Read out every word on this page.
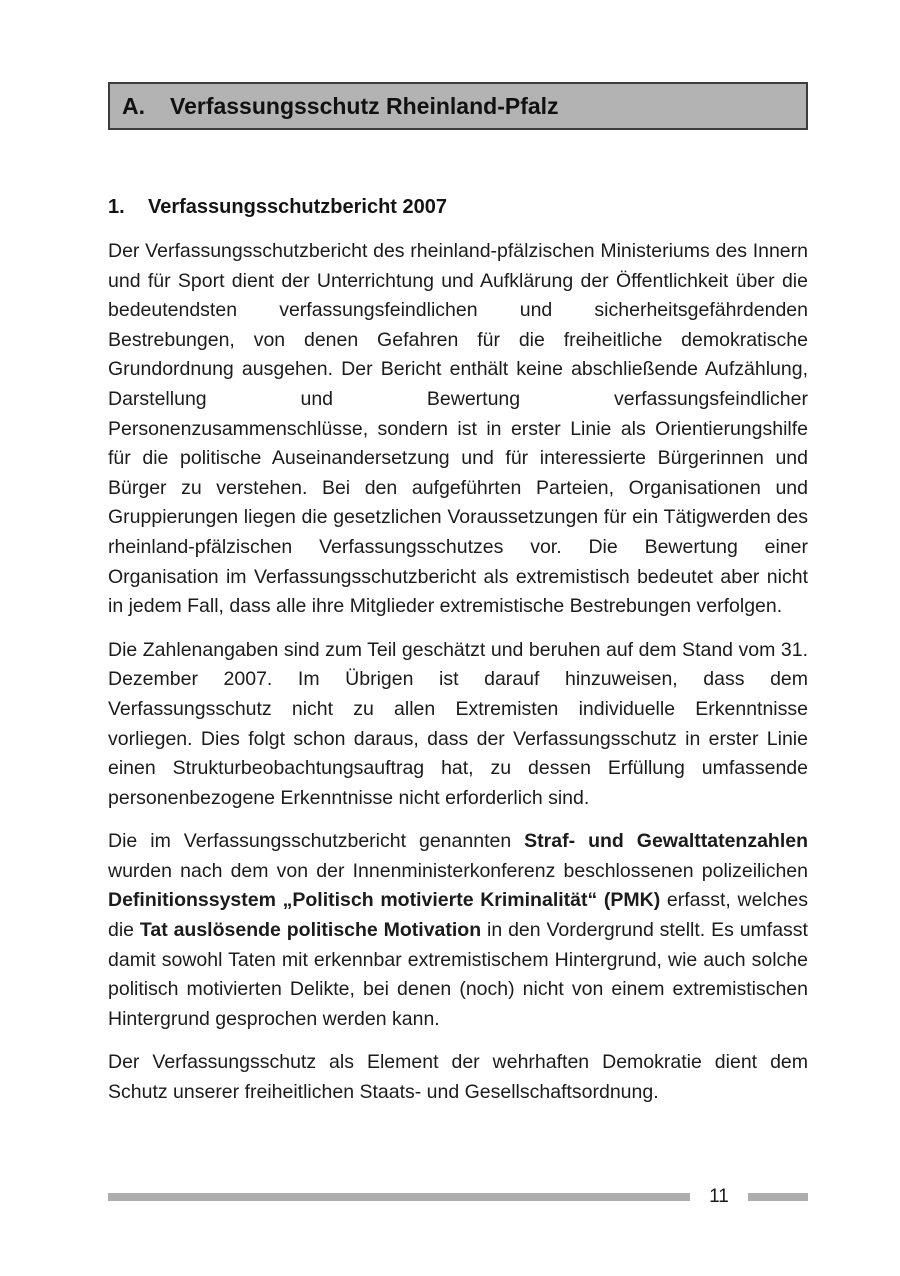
A.	Verfassungsschutz Rheinland-Pfalz
1.	Verfassungsschutzbericht 2007

Der Verfassungsschutzbericht des rheinland-pfälzischen Ministeriums des Innern und für Sport dient der Unterrichtung und Aufklärung der Öffentlichkeit über die bedeutendsten verfassungsfeindlichen und sicherheitsgefährdenden Bestrebungen, von denen Gefahren für die freiheitliche demokratische Grundordnung ausgehen. Der Bericht enthält keine abschließende Aufzählung, Darstellung und Bewertung verfassungsfeindlicher Personenzusammenschlüsse, sondern ist in erster Linie als Orientierungshilfe für die politische Auseinandersetzung und für interessierte Bürgerinnen und Bürger zu verstehen. Bei den aufgeführten Parteien, Organisationen und Gruppierungen liegen die gesetzlichen Voraussetzungen für ein Tätigwerden des rheinland-pfälzischen Verfassungsschutzes vor. Die Bewertung einer Organisation im Verfassungsschutzbericht als extremistisch bedeutet aber nicht in jedem Fall, dass alle ihre Mitglieder extremistische Bestrebungen verfolgen.

Die Zahlenangaben sind zum Teil geschätzt und beruhen auf dem Stand vom 31. Dezember 2007. Im Übrigen ist darauf hinzuweisen, dass dem Verfassungsschutz nicht zu allen Extremisten individuelle Erkenntnisse vorliegen. Dies folgt schon daraus, dass der Verfassungsschutz in erster Linie einen Strukturbeobachtungsauftrag hat, zu dessen Erfüllung umfassende personenbezogene Erkenntnisse nicht erforderlich sind.

Die im Verfassungsschutzbericht genannten Straf- und Gewalttatenzahlen wurden nach dem von der Innenministerkonferenz beschlossenen polizeilichen Definitionssystem „Politisch motivierte Kriminalität“ (PMK) erfasst, welches die Tat auslösende politische Motivation in den Vordergrund stellt. Es umfasst damit sowohl Taten mit erkennbar extremistischem Hintergrund, wie auch solche politisch motivierten Delikte, bei denen (noch) nicht von einem extremistischen Hintergrund gesprochen werden kann.

Der Verfassungsschutz als Element der wehrhaften Demokratie dient dem Schutz unserer freiheitlichen Staats- und Gesellschaftsordnung.

11
